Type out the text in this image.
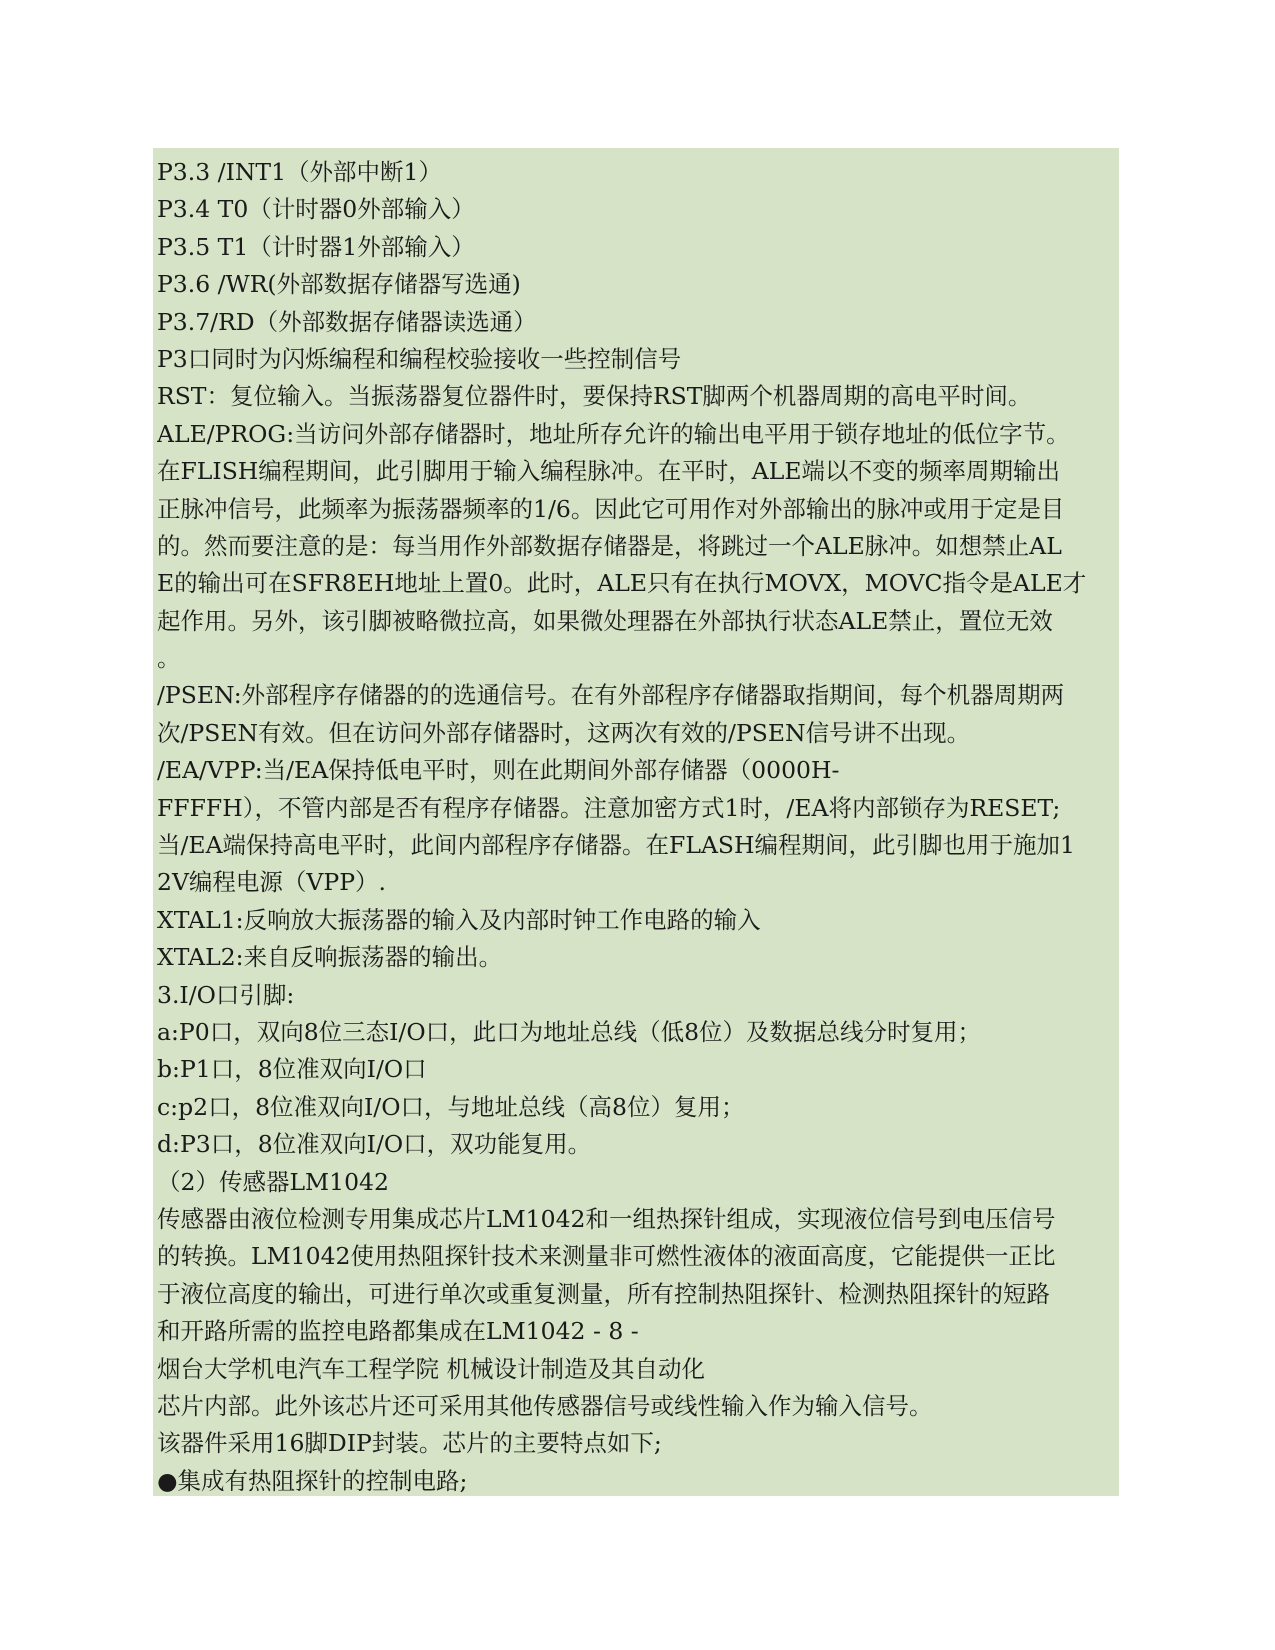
P3.3 /INT1（外部中断1）
P3.4 T0（计时器0外部输入）
P3.5 T1（计时器1外部输入）
P3.6 /WR(外部数据存储器写选通)
P3.7/RD（外部数据存储器读选通）
P3口同时为闪烁编程和编程校验接收一些控制信号
RST：复位输入。当振荡器复位器件时，要保持RST脚两个机器周期的高电平时间。
ALE/PROG:当访问外部存储器时，地址所存允许的输出电平用于锁存地址的低位字节。
在FLISH编程期间，此引脚用于输入编程脉冲。在平时，ALE端以不变的频率周期输出
正脉冲信号，此频率为振荡器频率的1/6。因此它可用作对外部输出的脉冲或用于定是目
的。然而要注意的是：每当用作外部数据存储器是，将跳过一个ALE脉冲。如想禁止AL
E的输出可在SFR8EH地址上置0。此时，ALE只有在执行MOVX，MOVC指令是ALE才
起作用。另外，该引脚被略微拉高，如果微处理器在外部执行状态ALE禁止，置位无效
。
/PSEN:外部程序存储器的的选通信号。在有外部程序存储器取指期间，每个机器周期两
次/PSEN有效。但在访问外部存储器时，这两次有效的/PSEN信号讲不出现。
/EA/VPP:当/EA保持低电平时，则在此期间外部存储器（0000H-
FFFFH），不管内部是否有程序存储器。注意加密方式1时，/EA将内部锁存为RESET;
当/EA端保持高电平时，此间内部程序存储器。在FLASH编程期间，此引脚也用于施加1
2V编程电源（VPP）.
XTAL1:反响放大振荡器的输入及内部时钟工作电路的输入
XTAL2:来自反响振荡器的输出。
3.I/O口引脚:
a:P0口，双向8位三态I/O口，此口为地址总线（低8位）及数据总线分时复用；
b:P1口，8位准双向I/O口
c:p2口，8位准双向I/O口，与地址总线（高8位）复用；
d:P3口，8位准双向I/O口，双功能复用。
（2）传感器LM1042
传感器由液位检测专用集成芯片LM1042和一组热探针组成，实现液位信号到电压信号
的转换。LM1042使用热阻探针技术来测量非可燃性液体的液面高度，它能提供一正比
于液位高度的输出，可进行单次或重复测量，所有控制热阻探针、检测热阻探针的短路
和开路所需的监控电路都集成在LM1042 - 8 -
烟台大学机电汽车工程学院 机械设计制造及其自动化
芯片内部。此外该芯片还可采用其他传感器信号或线性输入作为输入信号。
该器件采用16脚DIP封装。芯片的主要特点如下;
●集成有热阻探针的控制电路;
